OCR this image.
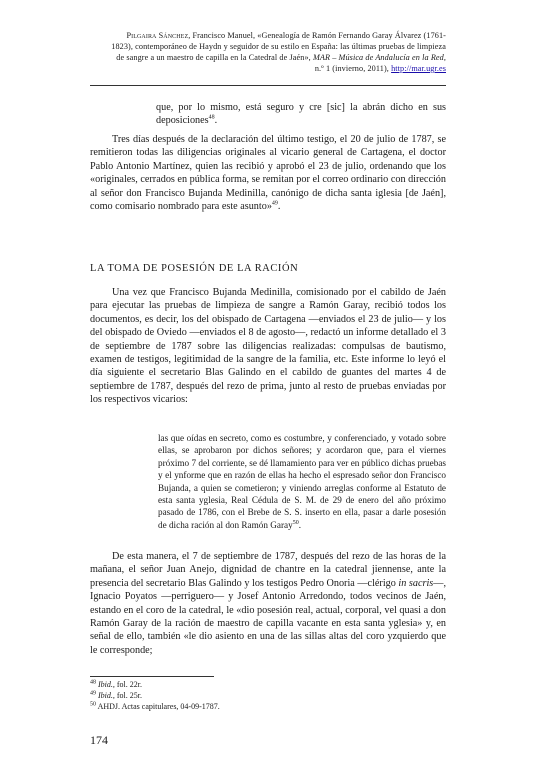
Pilgaira Sánchez, Francisco Manuel, «Genealogía de Ramón Fernando Garay Álvarez (1761-
1823), contemporáneo de Haydn y seguidor de su estilo en España: las últimas pruebas de limpieza
de sangre a un maestro de capilla en la Catedral de Jaén», MAR – Música de Andalucía en la Red,
n.º 1 (invierno, 2011), http://mar.ugr.es
que, por lo mismo, está seguro y cre [sic] la abrán dicho en sus deposiciones$^{48}$.
Tres días después de la declaración del último testigo, el 20 de julio de 1787, se remitieron todas las diligencias originales al vicario general de Cartagena, el doctor Pablo Antonio Martínez, quien las recibió y aprobó el 23 de julio, ordenando que los «originales, cerrados en pública forma, se remitan por el correo ordinario con dirección al señor don Francisco Bujanda Medinilla, canónigo de dicha santa iglesia [de Jaén], como comisario nombrado para este asunto»$^{49}$.
LA TOMA DE POSESIÓN DE LA RACIÓN
Una vez que Francisco Bujanda Medinilla, comisionado por el cabildo de Jaén para ejecutar las pruebas de limpieza de sangre a Ramón Garay, recibió todos los documentos, es decir, los del obispado de Cartagena —enviados el 23 de julio— y los del obispado de Oviedo —enviados el 8 de agosto—, redactó un informe detallado el 3 de septiembre de 1787 sobre las diligencias realizadas: compulsas de bautismo, examen de testigos, legitimidad de la sangre de la familia, etc. Este informe lo leyó el día siguiente el secretario Blas Galindo en el cabildo de guantes del martes 4 de septiembre de 1787, después del rezo de prima, junto al resto de pruebas enviadas por los respectivos vicarios:
las que oídas en secreto, como es costumbre, y conferenciado, y votado sobre ellas, se aprobaron por dichos señores; y acordaron que, para el viernes próximo 7 del corriente, se dé llamamiento para ver en público dichas pruebas y el ynforme que en razón de ellas ha hecho el espresado señor don Francisco Bujanda, a quien se cometieron; y viniendo arreglas conforme al Estatuto de esta santa yglesia, Real Cédula de S. M. de 29 de enero del año próximo pasado de 1786, con el Brebe de S. S. inserto en ella, pasar a darle posesión de dicha ración al don Ramón Garay$^{50}$.
De esta manera, el 7 de septiembre de 1787, después del rezo de las horas de la mañana, el señor Juan Anejo, dignidad de chantre en la catedral jiennense, ante la presencia del secretario Blas Galindo y los testigos Pedro Onoria —clérigo in sacris—, Ignacio Poyatos —perriguero— y Josef Antonio Arredondo, todos vecinos de Jaén, estando en el coro de la catedral, le «dio posesión real, actual, corporal, vel quasi a don Ramón Garay de la ración de maestro de capilla vacante en esta santa yglesia» y, en señal de ello, también «le dio asiento en una de las sillas altas del coro yzquierdo que le corresponde;
$^{48}$ Ibid., fol. 22r.
$^{49}$ Ibid., fol. 25r.
$^{50}$ AHDJ. Actas capitulares, 04-09-1787.
174
